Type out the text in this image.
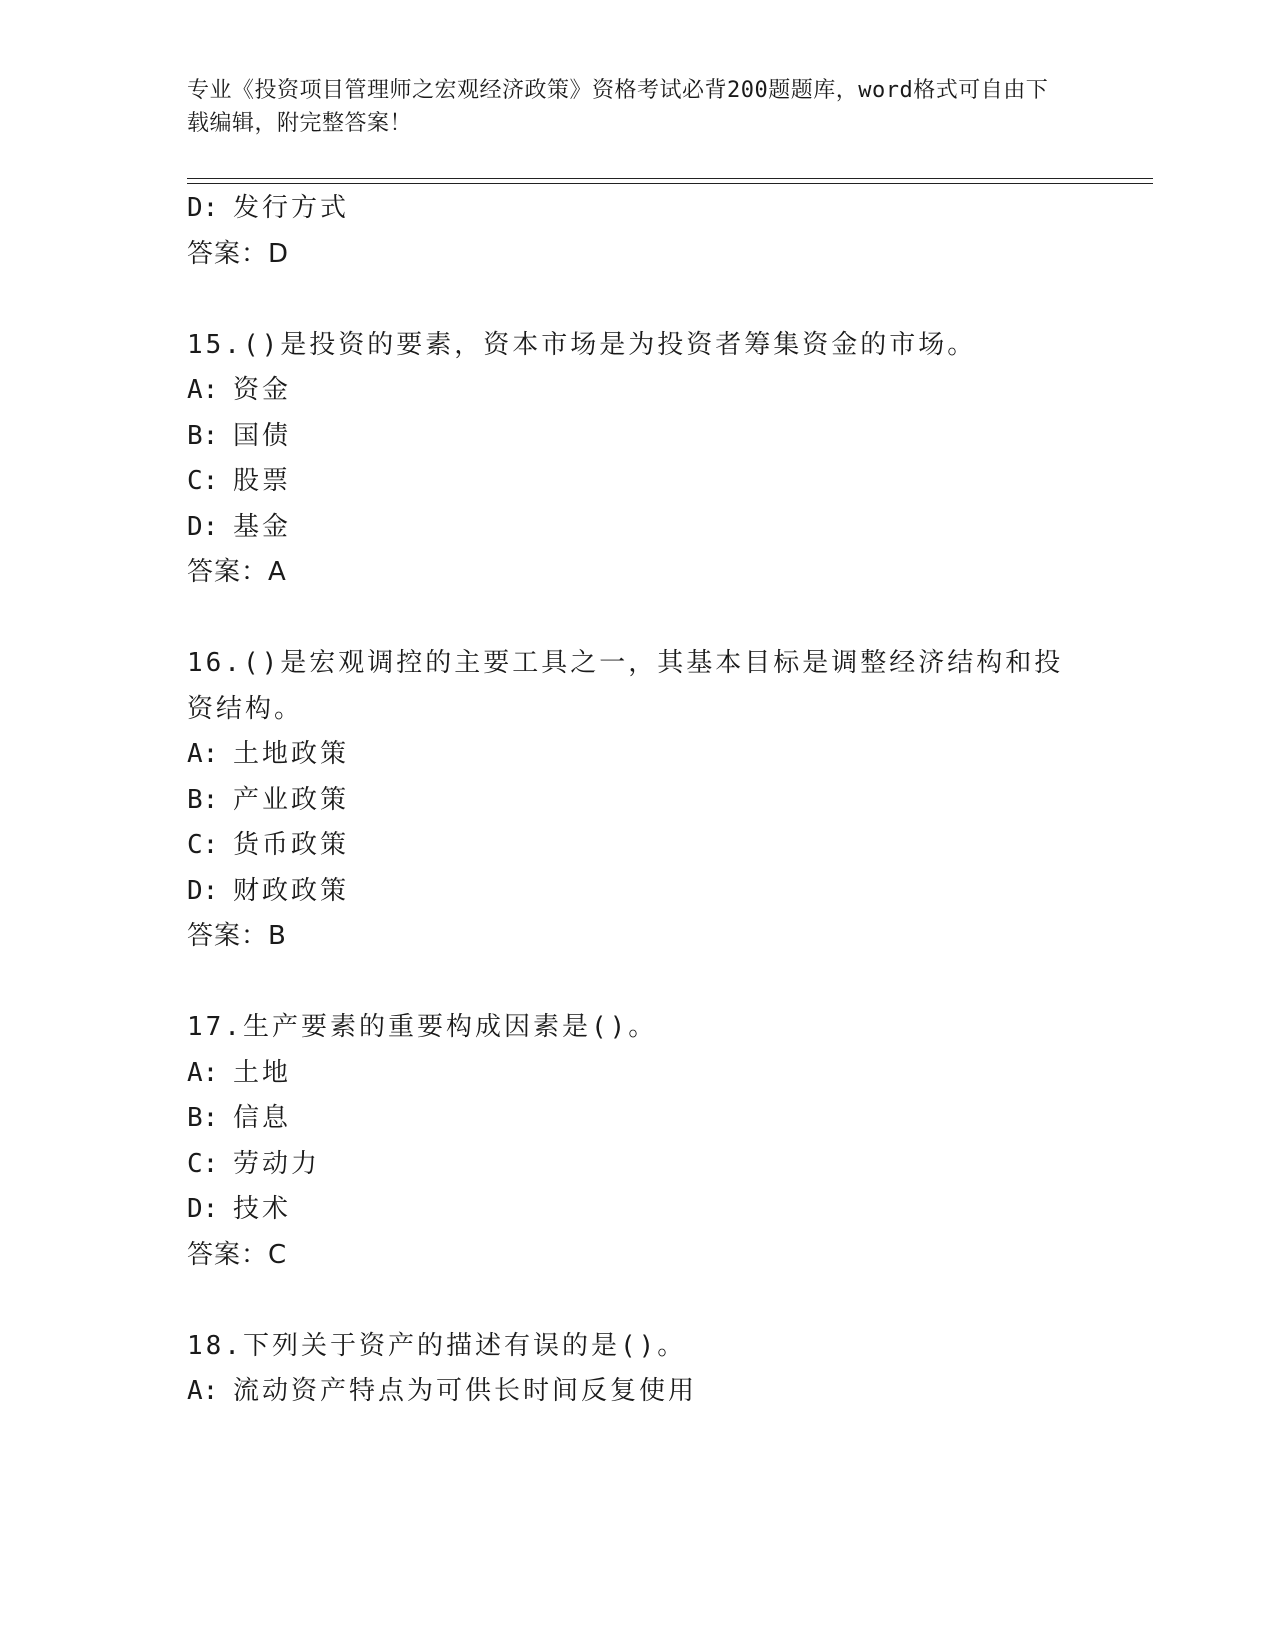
专业《投资项目管理师之宏观经济政策》资格考试必背200题题库，word格式可自由下载编辑，附完整答案！
D: 发行方式
答案：D
15.()是投资的要素，资本市场是为投资者筹集资金的市场。
A: 资金
B: 国债
C: 股票
D: 基金
答案：A
16.()是宏观调控的主要工具之一，其基本目标是调整经济结构和投资结构。
A: 土地政策
B: 产业政策
C: 货币政策
D: 财政政策
答案：B
17.生产要素的重要构成因素是()。
A: 土地
B: 信息
C: 劳动力
D: 技术
答案：C
18.下列关于资产的描述有误的是()。
A: 流动资产特点为可供长时间反复使用
